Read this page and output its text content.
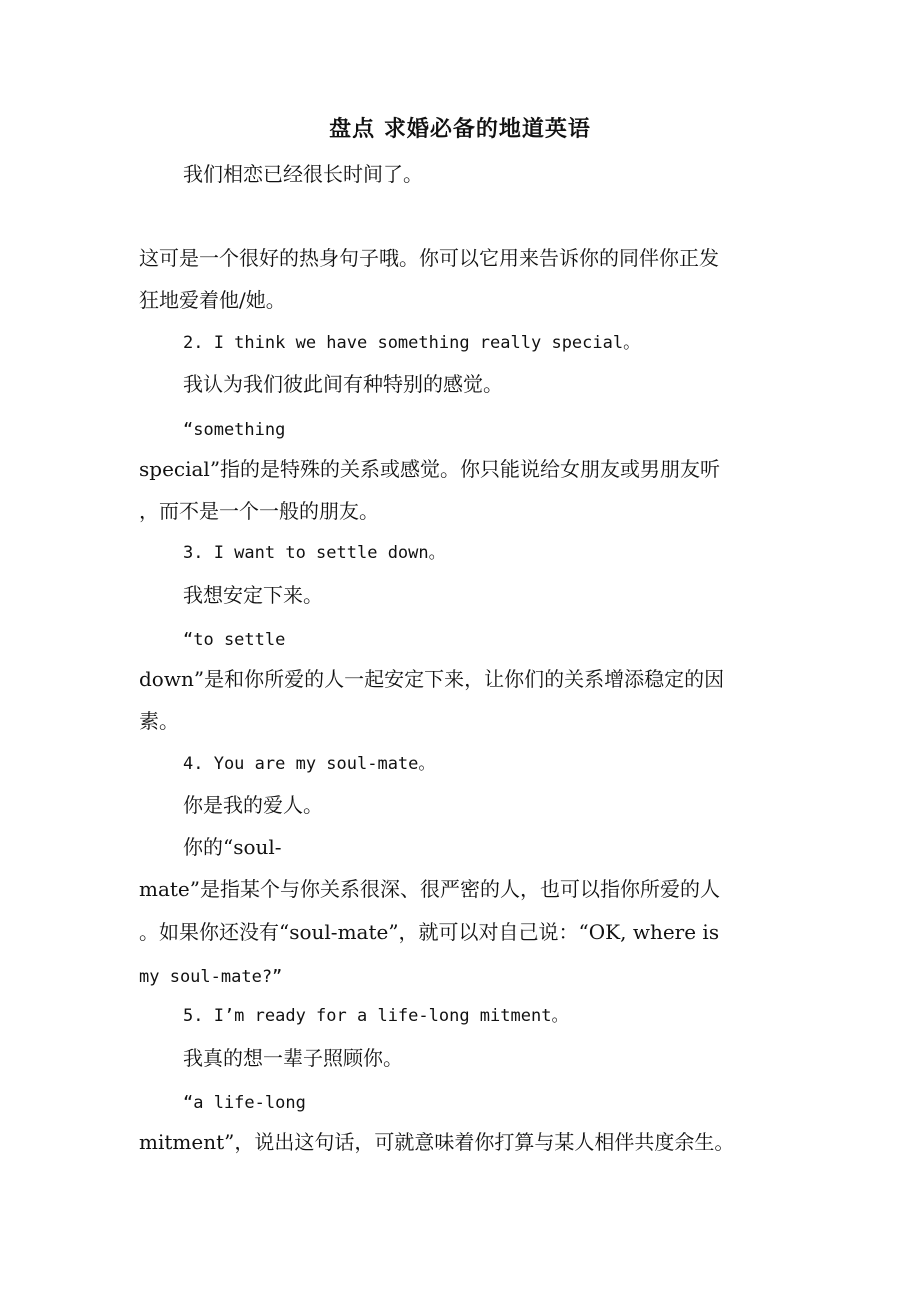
盘点 求婚必备的地道英语

我们相恋已经很长时间了。

这可是一个很好的热身句子哦。你可以它用来告诉你的同伴你正发

狂地爱着他/她。

2. I think we have something really special。

我认为我们彼此间有种特别的感觉。

“something

special”指的是特殊的关系或感觉。你只能说给女朋友或男朋友听

，而不是一个一般的朋友。

3. I want to settle down。

我想安定下来。

“to settle

down”是和你所爱的人一起安定下来，让你们的关系增添稳定的因

素。

4. You are my soul-mate。

你是我的爱人。

你的“soul-

mate”是指某个与你关系很深、很严密的人，也可以指你所爱的人

。如果你还没有“soul-mate”，就可以对自己说：“OK, where is

my soul-mate?”

5. I’m ready for a life-long mitment。

我真的想一辈子照顾你。

“a life-long

mitment”，说出这句话，可就意味着你打算与某人相伴共度余生。
